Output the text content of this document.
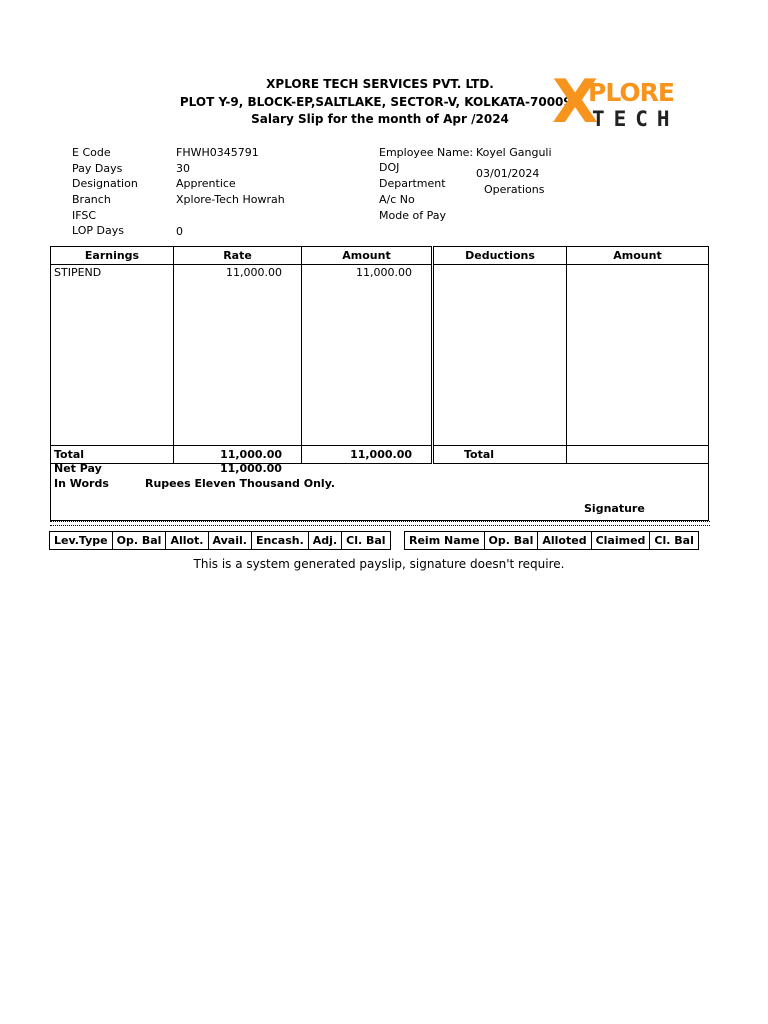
XPLORE TECH SERVICES PVT. LTD.
PLOT Y-9, BLOCK-EP,SALTLAKE, SECTOR-V, KOLKATA-700091
Salary Slip for the month of Apr /2024 X
PLORE
TECH
E Code	FHWH0345791
Pay Days	30
Designation	Apprentice
Branch	Xplore-Tech Howrah
IFSC
LOP Days	0
Employee Name: Koyel Ganguli
DOJ	03/01/2024
Department	Operations
A/c No
Mode of Pay
Earnings	Rate	Amount	Deductions	Amount
STIPEND	11,000.00	11,000.00		
Total	11,000.00	11,000.00	Total	
Net Pay	11,000.00
In Words	Rupees Eleven Thousand Only.
Signature
Lev.Type	Op. Bal	Allot.	Avail.	Encash.	Adj.	Cl. Bal Reim Name	Op. Bal	Alloted	Claimed	Cl. Bal
This is a system generated payslip, signature doesn't require.
